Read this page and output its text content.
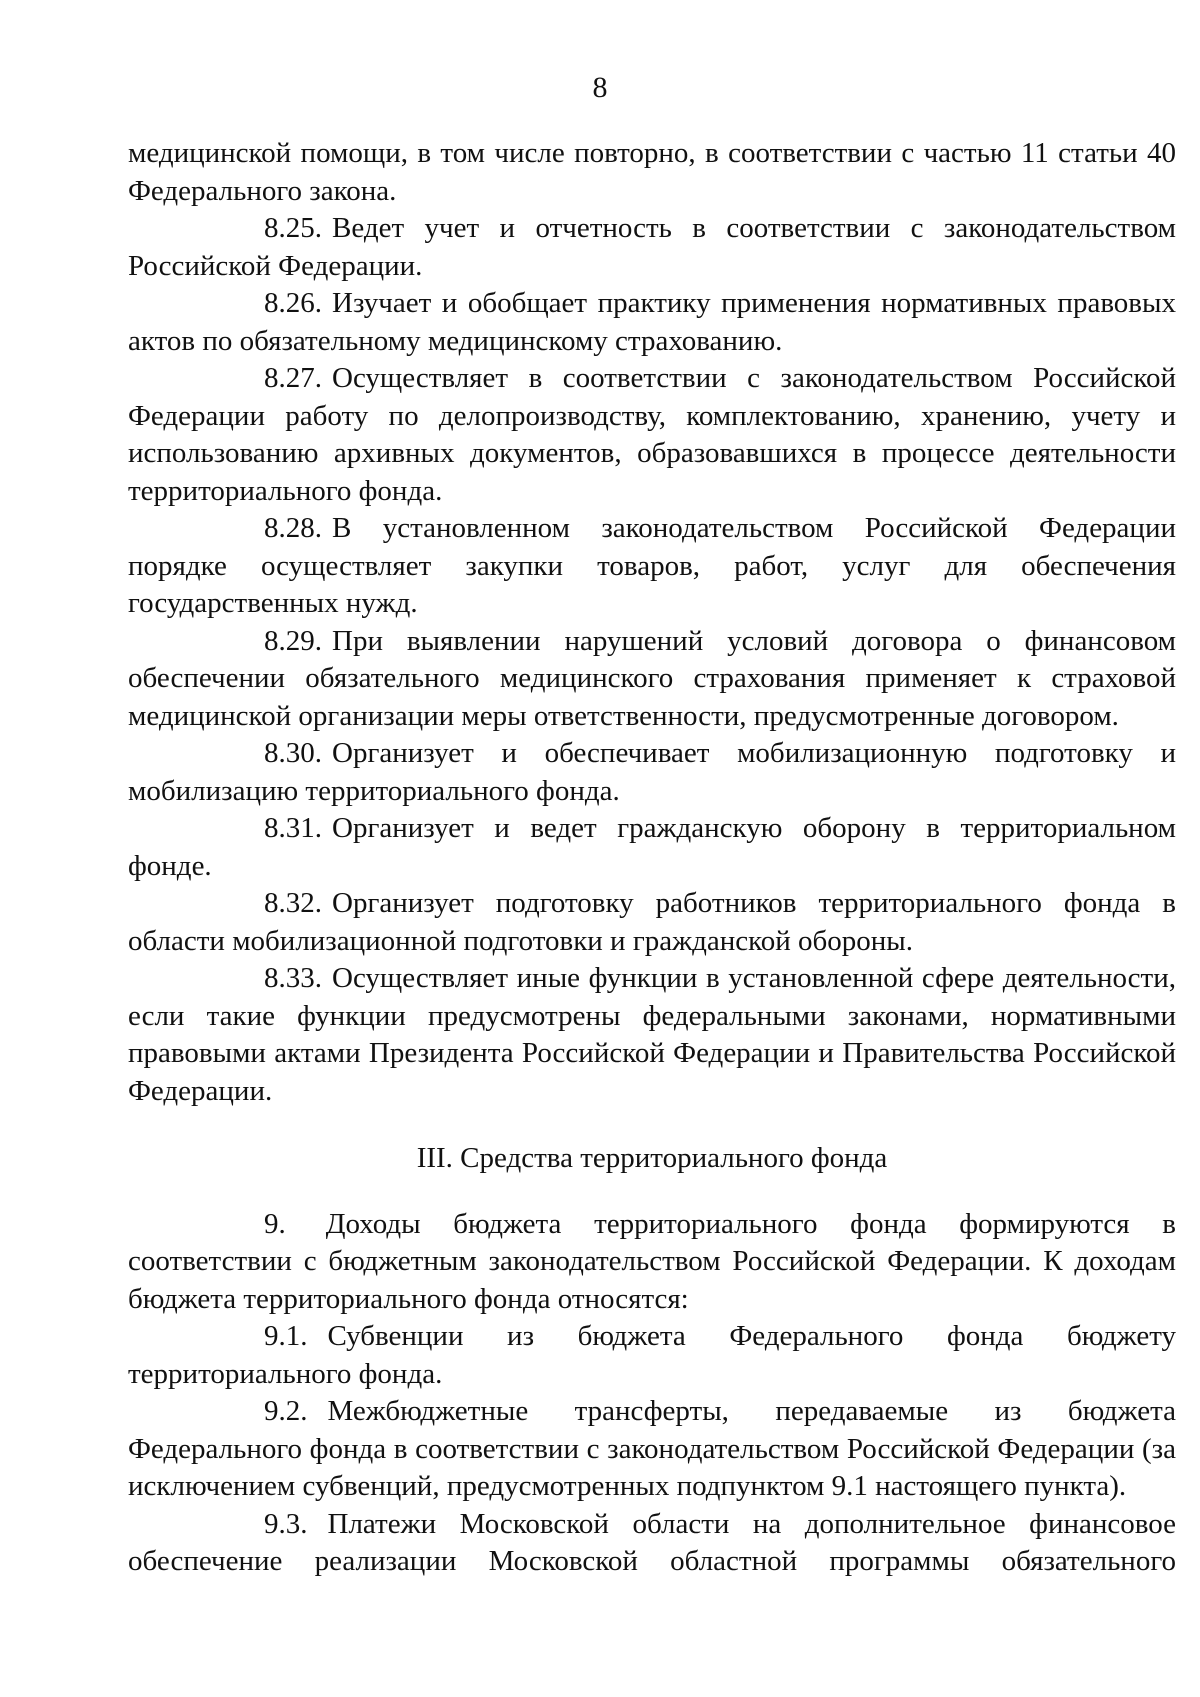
8

медицинской помощи, в том числе повторно, в соответствии с частью 11 статьи 40 Федерального закона.

8.25. Ведет учет и отчетность в соответствии с законодательством Российской Федерации.

8.26. Изучает и обобщает практику применения нормативных правовых актов по обязательному медицинскому страхованию.

8.27. Осуществляет в соответствии с законодательством Российской Федерации работу по делопроизводству, комплектованию, хранению, учету и использованию архивных документов, образовавшихся в процессе деятельности территориального фонда.

8.28. В установленном законодательством Российской Федерации порядке осуществляет закупки товаров, работ, услуг для обеспечения государственных нужд.

8.29. При выявлении нарушений условий договора о финансовом обеспечении обязательного медицинского страхования применяет к страховой медицинской организации меры ответственности, предусмотренные договором.

8.30. Организует и обеспечивает мобилизационную подготовку и мобилизацию территориального фонда.

8.31. Организует и ведет гражданскую оборону в территориальном фонде.

8.32. Организует подготовку работников территориального фонда в области мобилизационной подготовки и гражданской обороны.

8.33. Осуществляет иные функции в установленной сфере деятельности, если такие функции предусмотрены федеральными законами, нормативными правовыми актами Президента Российской Федерации и Правительства Российской Федерации.

III. Средства территориального фонда

9. Доходы бюджета территориального фонда формируются в соответствии с бюджетным законодательством Российской Федерации. К доходам бюджета территориального фонда относятся:

9.1. Субвенции из бюджета Федерального фонда бюджету территориального фонда.

9.2. Межбюджетные трансферты, передаваемые из бюджета Федерального фонда в соответствии с законодательством Российской Федерации (за исключением субвенций, предусмотренных подпунктом 9.1 настоящего пункта).

9.3. Платежи Московской области на дополнительное финансовое обеспечение реализации Московской областной программы обязательного
